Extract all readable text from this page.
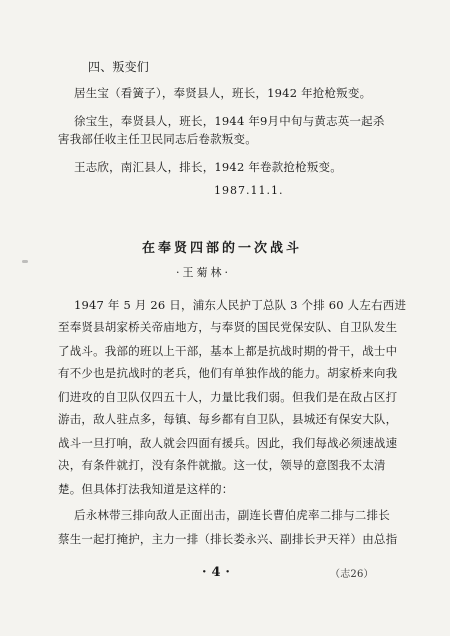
四、叛变们
居生宝（看簧子），奉贤县人，班长，1942 年抢枪叛变。
徐宝生，奉贤县人，班长，1944 年9月中旬与黄志英一起杀
害我部任收主任卫民同志后卷款叛变。
王志欣，南汇县人，排长，1942 年卷款抢枪叛变。
1987.11.1.
在奉贤四部的一次战斗
·王菊林·
1947 年 5 月 26 日，浦东人民护丁总队 3 个排 60 人左右西进
至奉贤县胡家桥关帝庙地方，与奉贤的国民党保安队、自卫队发生
了战斗。我部的班以上干部，基本上都是抗战时期的骨干，战士中
有不少也是抗战时的老兵，他们有单独作战的能力。胡家桥来向我
们进攻的自卫队仅四五十人，力量比我们弱。但我们是在敌占区打
游击，敌人驻点多，每镇、每乡都有自卫队，县城还有保安大队，
战斗一旦打响，敌人就会四面有援兵。因此，我们每战必须速战速
决，有条件就打，没有条件就撤。这一仗，领导的意图我不太清
楚。但具体打法我知道是这样的：
后永林带三排向敌人正面出击，副连长曹伯虎率二排与二排长
蔡生一起打掩护，主力一排（排长娄永兴、副排长尹天祥）由总指
· 4 ·	（志26）
